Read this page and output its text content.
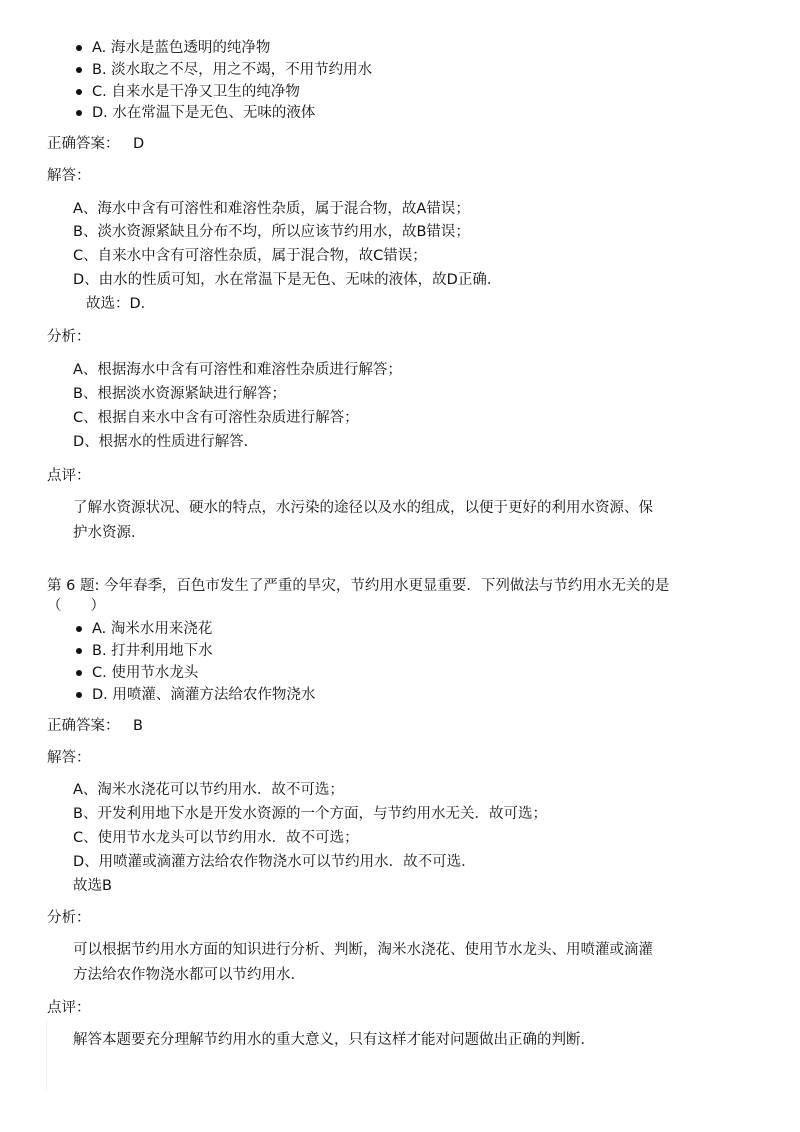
A. 海水是蓝色透明的纯净物
B. 淡水取之不尽，用之不竭，不用节约用水
C. 自来水是干净又卫生的纯净物
D. 水在常温下是无色、无味的液体
正确答案： D
解答：
A、海水中含有可溶性和难溶性杂质，属于混合物，故A错误；
B、淡水资源紧缺且分布不均，所以应该节约用水，故B错误；
C、自来水中含有可溶性杂质，属于混合物，故C错误；
D、由水的性质可知，水在常温下是无色、无味的液体，故D正确．
故选：D．
分析：
A、根据海水中含有可溶性和难溶性杂质进行解答；
B、根据淡水资源紧缺进行解答；
C、根据自来水中含有可溶性杂质进行解答；
D、根据水的性质进行解答．
点评：
了解水资源状况、硬水的特点，水污染的途径以及水的组成，以便于更好的利用水资源、保
护水资源．
第 6 题: 今年春季，百色市发生了严重的旱灾，节约用水更显重要．下列做法与节约用水无关的是
（　　）
A. 淘米水用来浇花
B. 打井利用地下水
C. 使用节水龙头
D. 用喷灌、滴灌方法给农作物浇水
正确答案： B
解答：
A、淘米水浇花可以节约用水．故不可选；
B、开发利用地下水是开发水资源的一个方面，与节约用水无关．故可选；
C、使用节水龙头可以节约用水．故不可选；
D、用喷灌或滴灌方法给农作物浇水可以节约用水．故不可选．
故选B
分析：
可以根据节约用水方面的知识进行分析、判断，淘米水浇花、使用节水龙头、用喷灌或滴灌
方法给农作物浇水都可以节约用水．
点评：
解答本题要充分理解节约用水的重大意义，只有这样才能对问题做出正确的判断．
